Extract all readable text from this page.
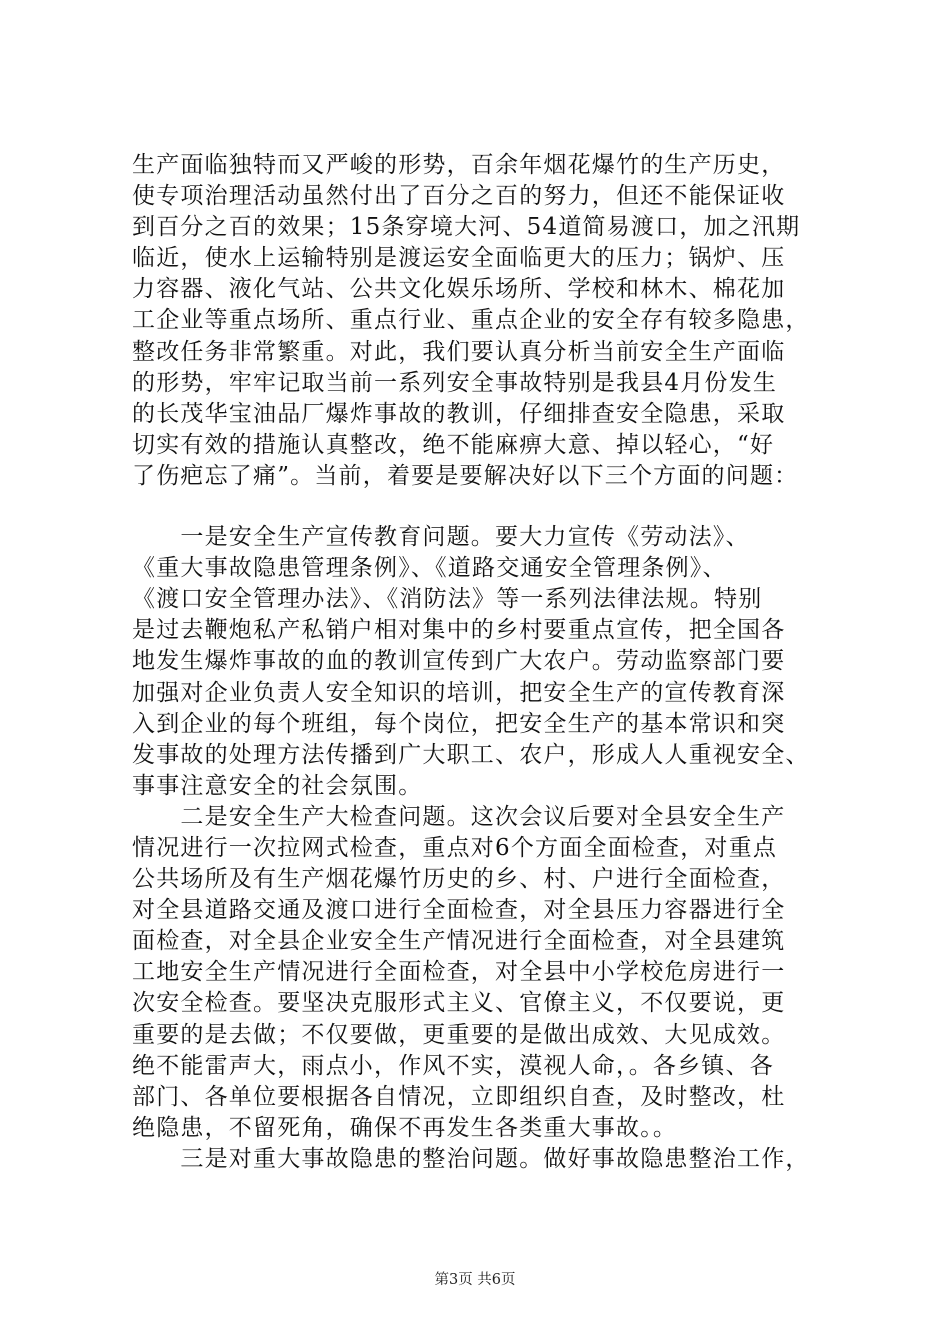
生产面临独特而又严峻的形势，百余年烟花爆竹的生产历史，
使专项治理活动虽然付出了百分之百的努力，但还不能保证收
到百分之百的效果；15条穿境大河、54道简易渡口，加之汛期
临近，使水上运输特别是渡运安全面临更大的压力；锅炉、压
力容器、液化气站、公共文化娱乐场所、学校和林木、棉花加
工企业等重点场所、重点行业、重点企业的安全存有较多隐患，
整改任务非常繁重。对此，我们要认真分析当前安全生产面临
的形势，牢牢记取当前一系列安全事故特别是我县4月份发生
的长茂华宝油品厂爆炸事故的教训，仔细排查安全隐患，采取
切实有效的措施认真整改，绝不能麻痹大意、掉以轻心，“好
了伤疤忘了痛”。当前，着要是要解决好以下三个方面的问题：
　　一是安全生产宣传教育问题。要大力宣传《劳动法》、
《重大事故隐患管理条例》、《道路交通安全管理条例》、
《渡口安全管理办法》、《消防法》等一系列法律法规。特别
是过去鞭炮私产私销户相对集中的乡村要重点宣传，把全国各
地发生爆炸事故的血的教训宣传到广大农户。劳动监察部门要
加强对企业负责人安全知识的培训，把安全生产的宣传教育深
入到企业的每个班组，每个岗位，把安全生产的基本常识和突
发事故的处理方法传播到广大职工、农户，形成人人重视安全、
事事注意安全的社会氛围。
　　二是安全生产大检查问题。这次会议后要对全县安全生产
情况进行一次拉网式检查，重点对6个方面全面检查，对重点
公共场所及有生产烟花爆竹历史的乡、村、户进行全面检查，
对全县道路交通及渡口进行全面检查，对全县压力容器进行全
面检查，对全县企业安全生产情况进行全面检查，对全县建筑
工地安全生产情况进行全面检查，对全县中小学校危房进行一
次安全检查。要坚决克服形式主义、官僚主义，不仅要说，更
重要的是去做；不仅要做，更重要的是做出成效、大见成效。
绝不能雷声大，雨点小，作风不实，漠视人命，。各乡镇、各
部门、各单位要根据各自情况，立即组织自查，及时整改，杜
绝隐患，不留死角，确保不再发生各类重大事故。。
　　三是对重大事故隐患的整治问题。做好事故隐患整治工作，
第3页 共6页
